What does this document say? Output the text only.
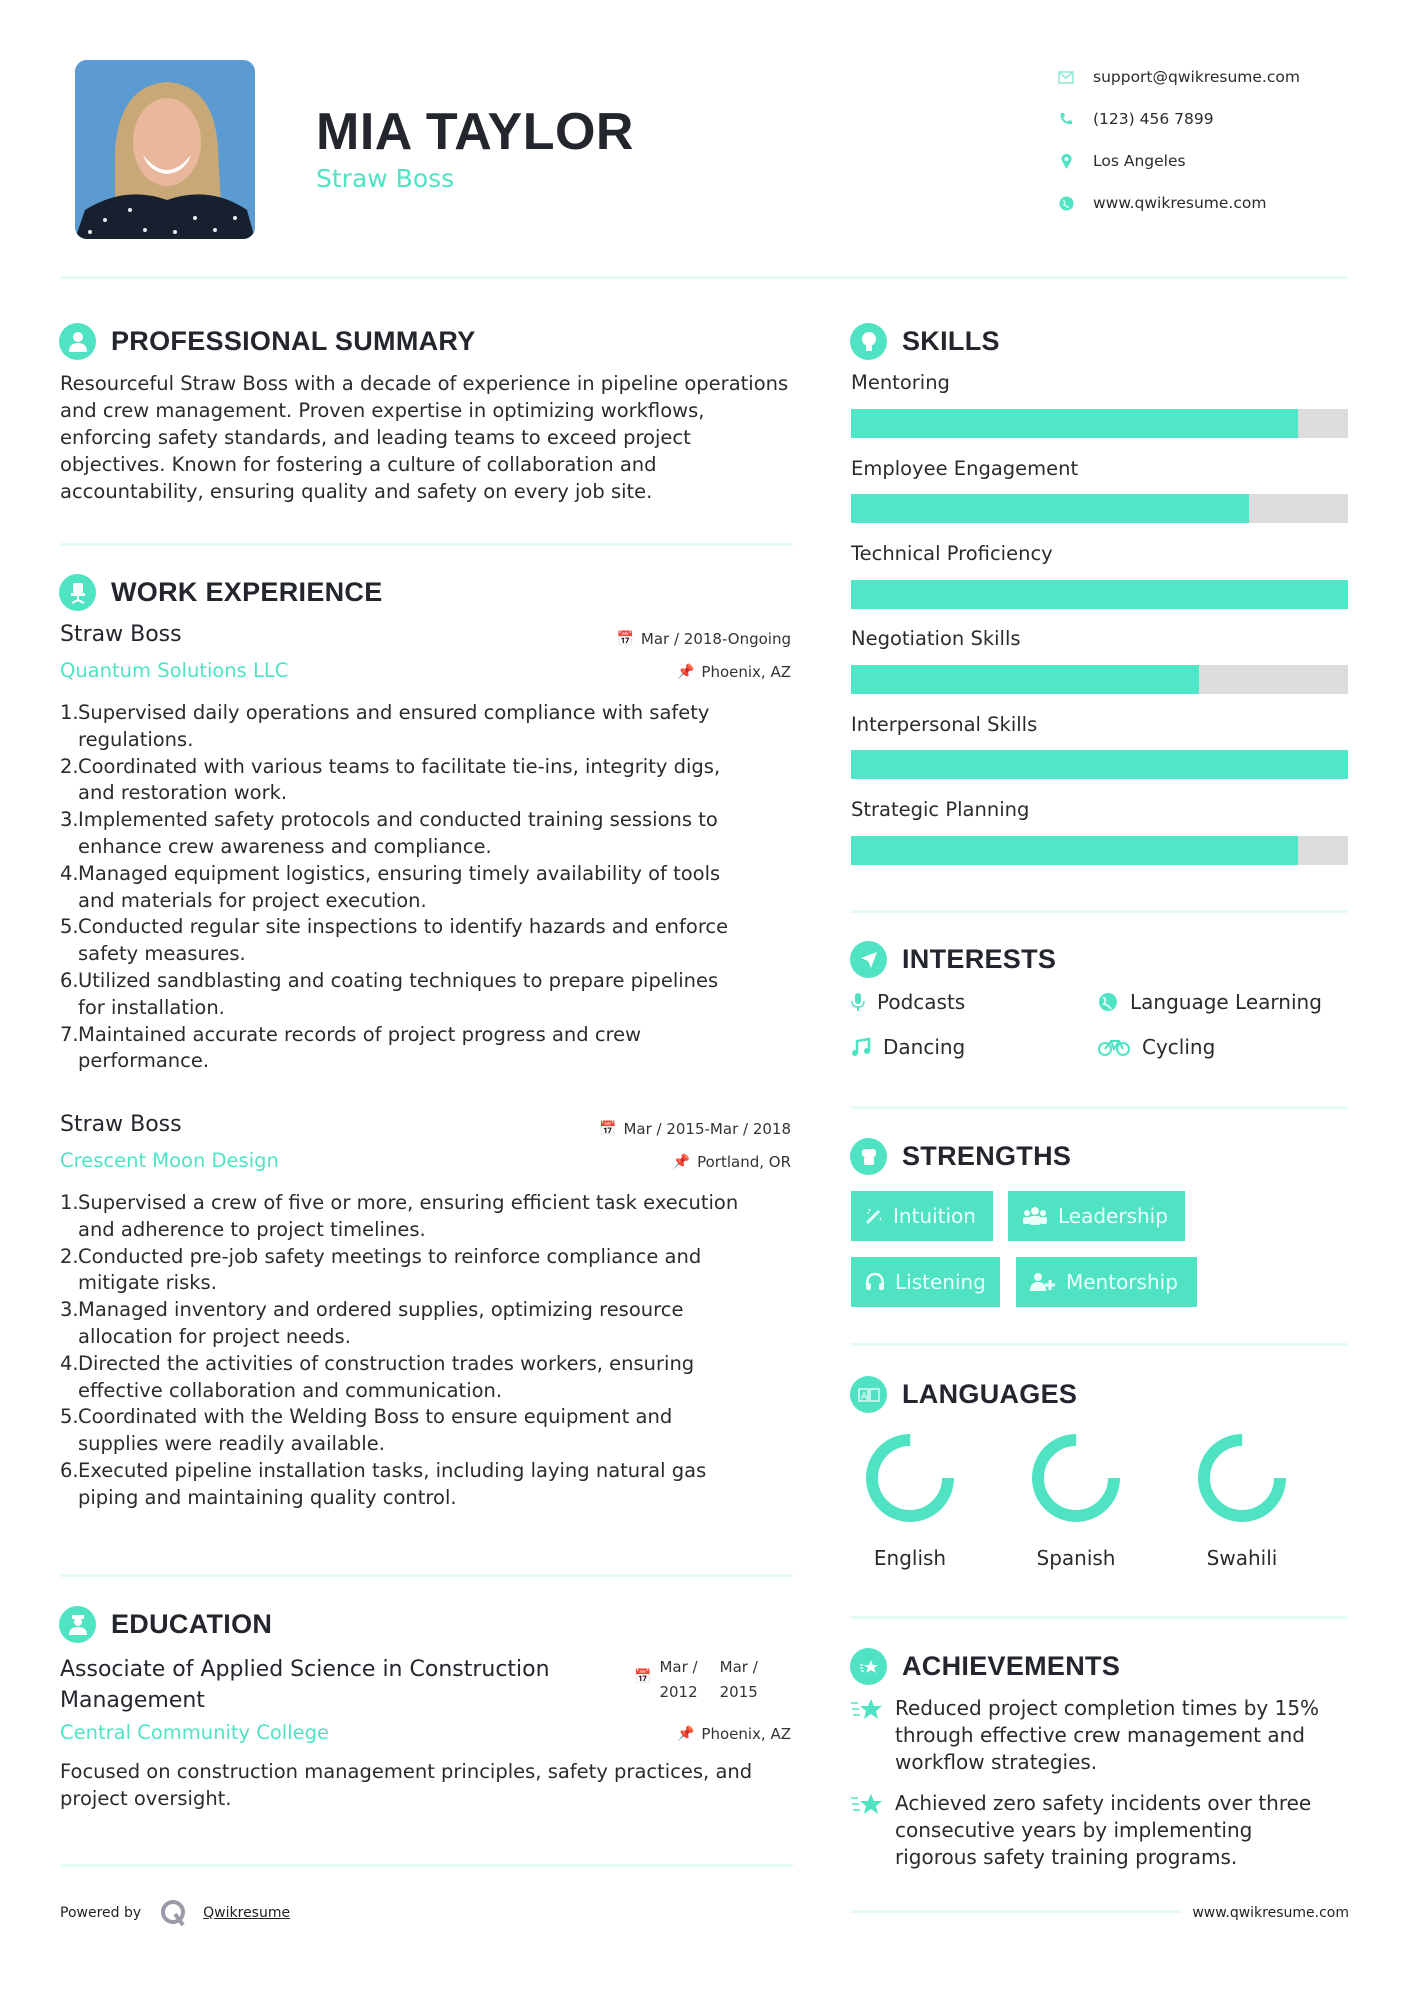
MIA TAYLOR
Straw Boss
support@qwikresume.com
(123) 456 7899
Los Angeles
www.qwikresume.com
PROFESSIONAL SUMMARY
Resourceful Straw Boss with a decade of experience in pipeline operations and crew management. Proven expertise in optimizing workflows, enforcing safety standards, and leading teams to exceed project objectives. Known for fostering a culture of collaboration and accountability, ensuring quality and safety on every job site.
WORK EXPERIENCE
Straw Boss
Quantum Solutions LLC
📅 Mar / 2018-Ongoing
📌 Phoenix, AZ
1. Supervised daily operations and ensured compliance with safety
regulations.
2. Coordinated with various teams to facilitate tie-ins, integrity digs,
and restoration work.
3. Implemented safety protocols and conducted training sessions to
enhance crew awareness and compliance.
4. Managed equipment logistics, ensuring timely availability of tools
and materials for project execution.
5. Conducted regular site inspections to identify hazards and enforce
safety measures.
6. Utilized sandblasting and coating techniques to prepare pipelines
for installation.
7. Maintained accurate records of project progress and crew
performance.
Straw Boss
Crescent Moon Design
📅 Mar / 2015-Mar / 2018
📌 Portland, OR
1. Supervised a crew of five or more, ensuring efficient task execution
and adherence to project timelines.
2. Conducted pre-job safety meetings to reinforce compliance and
mitigate risks.
3. Managed inventory and ordered supplies, optimizing resource
allocation for project needs.
4. Directed the activities of construction trades workers, ensuring
effective collaboration and communication.
5. Coordinated with the Welding Boss to ensure equipment and
supplies were readily available.
6. Executed pipeline installation tasks, including laying natural gas
piping and maintaining quality control.
EDUCATION
Associate of Applied Science in Construction
Management
📅
Mar /
2012
Mar /
2015
Central Community College	📌 Phoenix, AZ
Focused on construction management principles, safety practices, and project oversight.
SKILLS
Mentoring
Employee Engagement
Technical Proficiency
Negotiation Skills
Interpersonal Skills
Strategic Planning
INTERESTS
Podcasts	Language Learning
Dancing	Cycling
STRENGTHS
Intuition	Leadership
Listening	Mentorship
A LANGUAGES
English	Spanish	Swahili
ACHIEVEMENTS
Reduced project completion times by 15%
through effective crew management and
workflow strategies.
Achieved zero safety incidents over three
consecutive years by implementing
rigorous safety training programs.
Powered by	Qwikresume	www.qwikresume.com
